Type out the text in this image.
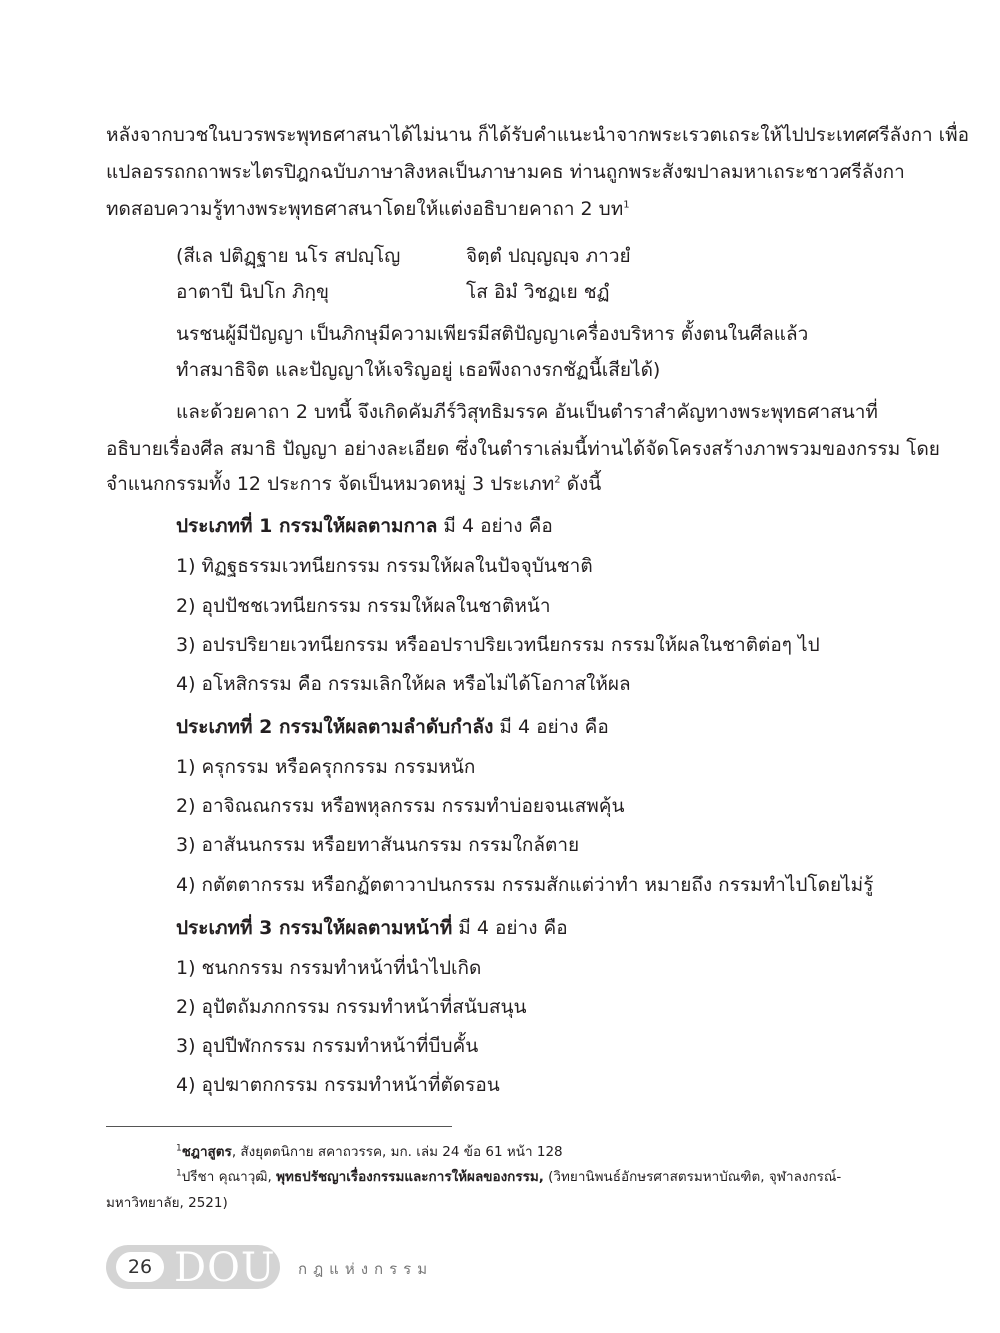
หลังจากบวชในบวรพระพุทธศาสนาได้ไม่นาน ก็ได้รับคำแนะนำจากพระเรวตเถระให้ไปประเทศศรีลังกา เพื่อ
แปลอรรถกถาพระไตรปิฎกฉบับภาษาสิงหลเป็นภาษามคธ ท่านถูกพระสังฆปาลมหาเถระชาวศรีลังกา
ทดสอบความรู้ทางพระพุทธศาสนาโดยให้แต่งอธิบายคาถา 2 บท$^1$
(สีเล ปติฏฺฐาย นโร สปญฺโญ	จิตฺตํ ปญฺญญฺจ ภาวยํ
อาตาปี นิปโก ภิกฺขุ	โส อิมํ วิชฏเย ชฏํ
นรชนผู้มีปัญญา เป็นภิกษุมีความเพียรมีสติปัญญาเครื่องบริหาร ตั้งตนในศีลแล้ว
ทำสมาธิจิต และปัญญาให้เจริญอยู่ เธอพึงถางรกชัฏนี้เสียได้)
และด้วยคาถา 2 บทนี้ จึงเกิดคัมภีร์วิสุทธิมรรค อันเป็นตำราสำคัญทางพระพุทธศาสนาที่
อธิบายเรื่องศีล สมาธิ ปัญญา อย่างละเอียด ซึ่งในตำราเล่มนี้ท่านได้จัดโครงสร้างภาพรวมของกรรม โดย
จำแนกกรรมทั้ง 12 ประการ จัดเป็นหมวดหมู่ 3 ประเภท$^2$ ดังนี้
ประเภทที่ 1 กรรมให้ผลตามกาล มี 4 อย่าง คือ
1) ทิฏฐธรรมเวทนียกรรม กรรมให้ผลในปัจจุบันชาติ
2) อุปปัชชเวทนียกรรม กรรมให้ผลในชาติหน้า
3) อปรปริยายเวทนียกรรม หรืออปราปริยเวทนียกรรม กรรมให้ผลในชาติต่อๆ ไป
4) อโหสิกรรม คือ กรรมเลิกให้ผล หรือไม่ได้โอกาสให้ผล
ประเภทที่ 2 กรรมให้ผลตามลำดับกำลัง มี 4 อย่าง คือ
1) ครุกรรม หรือครุกกรรม กรรมหนัก
2) อาจิณณกรรม หรือพหุลกรรม กรรมทำบ่อยจนเสพคุ้น
3) อาสันนกรรม หรือยทาสันนกรรม กรรมใกล้ตาย
4) กตัตตากรรม หรือกฏัตตาวาปนกรรม กรรมสักแต่ว่าทำ หมายถึง กรรมทำไปโดยไม่รู้
ประเภทที่ 3 กรรมให้ผลตามหน้าที่ มี 4 อย่าง คือ
1) ชนกกรรม กรรมทำหน้าที่นำไปเกิด
2) อุปัตถัมภกกรรม กรรมทำหน้าที่สนับสนุน
3) อุปปีฬกกรรม กรรมทำหน้าที่บีบคั้น
4) อุปฆาตกกรรม กรรมทำหน้าที่ตัดรอน
$^1$ชฎาสูตร, สังยุตตนิกาย สคาถวรรค, มก. เล่ม 24 ข้อ 61 หน้า 128
$^1$ปรีชา คุณาวุฒิ, พุทธปรัชญาเรื่องกรรมและการให้ผลของกรรม, (วิทยานิพนธ์อักษรศาสตรมหาบัณฑิต, จุฬาลงกรณ์-
มหาวิทยาลัย, 2521)
26 DOU กฎแห่งกรรม
